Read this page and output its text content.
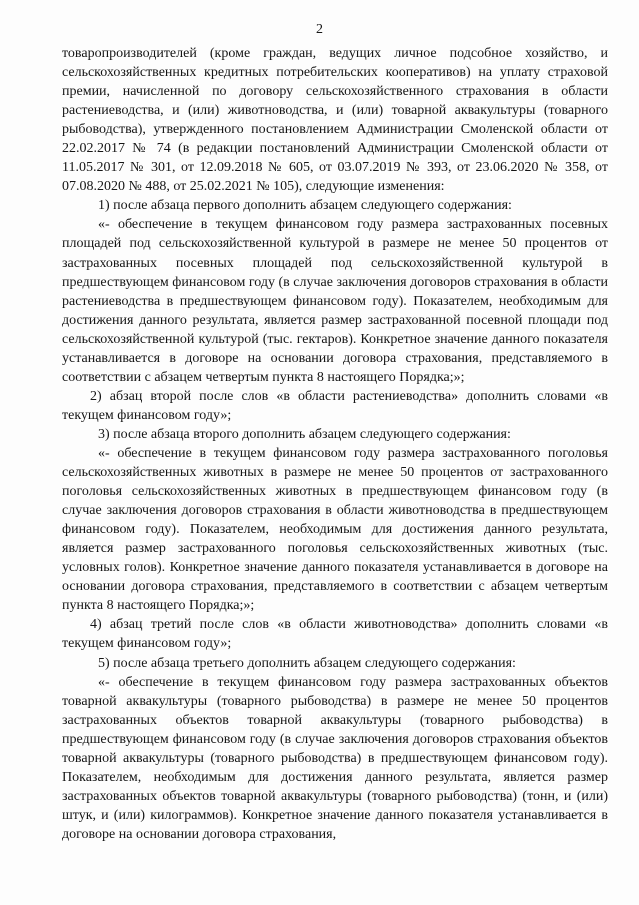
2

товаропроизводителей (кроме граждан, ведущих личное подсобное хозяйство, и сельскохозяйственных кредитных потребительских кооперативов) на уплату страховой премии, начисленной по договору сельскохозяйственного страхования в области растениеводства, и (или) животноводства, и (или) товарной аквакультуры (товарного рыбоводства), утвержденного постановлением Администрации Смоленской области от 22.02.2017 № 74 (в редакции постановлений Администрации Смоленской области от 11.05.2017 № 301, от 12.09.2018 № 605, от 03.07.2019 № 393, от 23.06.2020 № 358, от 07.08.2020 № 488, от 25.02.2021 № 105), следующие изменения:

1) после абзаца первого дополнить абзацем следующего содержания:

«- обеспечение в текущем финансовом году размера застрахованных посевных площадей под сельскохозяйственной культурой в размере не менее 50 процентов от застрахованных посевных площадей под сельскохозяйственной культурой в предшествующем финансовом году (в случае заключения договоров страхования в области растениеводства в предшествующем финансовом году). Показателем, необходимым для достижения данного результата, является размер застрахованной посевной площади под сельскохозяйственной культурой (тыс. гектаров). Конкретное значение данного показателя устанавливается в договоре на основании договора страхования, представляемого в соответствии с абзацем четвертым пункта 8 настоящего Порядка;»;

2) абзац второй после слов «в области растениеводства» дополнить словами «в текущем финансовом году»;

3) после абзаца второго дополнить абзацем следующего содержания:

«- обеспечение в текущем финансовом году размера застрахованного поголовья сельскохозяйственных животных в размере не менее 50 процентов от застрахованного поголовья сельскохозяйственных животных в предшествующем финансовом году (в случае заключения договоров страхования в области животноводства в предшествующем финансовом году). Показателем, необходимым для достижения данного результата, является размер застрахованного поголовья сельскохозяйственных животных (тыс. условных голов). Конкретное значение данного показателя устанавливается в договоре на основании договора страхования, представляемого в соответствии с абзацем четвертым пункта 8 настоящего Порядка;»;

4) абзац третий после слов «в области животноводства» дополнить словами «в текущем финансовом году»;

5) после абзаца третьего дополнить абзацем следующего содержания:

«- обеспечение в текущем финансовом году размера застрахованных объектов товарной аквакультуры (товарного рыбоводства) в размере не менее 50 процентов застрахованных объектов товарной аквакультуры (товарного рыбоводства) в предшествующем финансовом году (в случае заключения договоров страхования объектов товарной аквакультуры (товарного рыбоводства) в предшествующем финансовом году). Показателем, необходимым для достижения данного результата, является размер застрахованных объектов товарной аквакультуры (товарного рыбоводства) (тонн, и (или) штук, и (или) килограммов). Конкретное значение данного показателя устанавливается в договоре на основании договора страхования,
